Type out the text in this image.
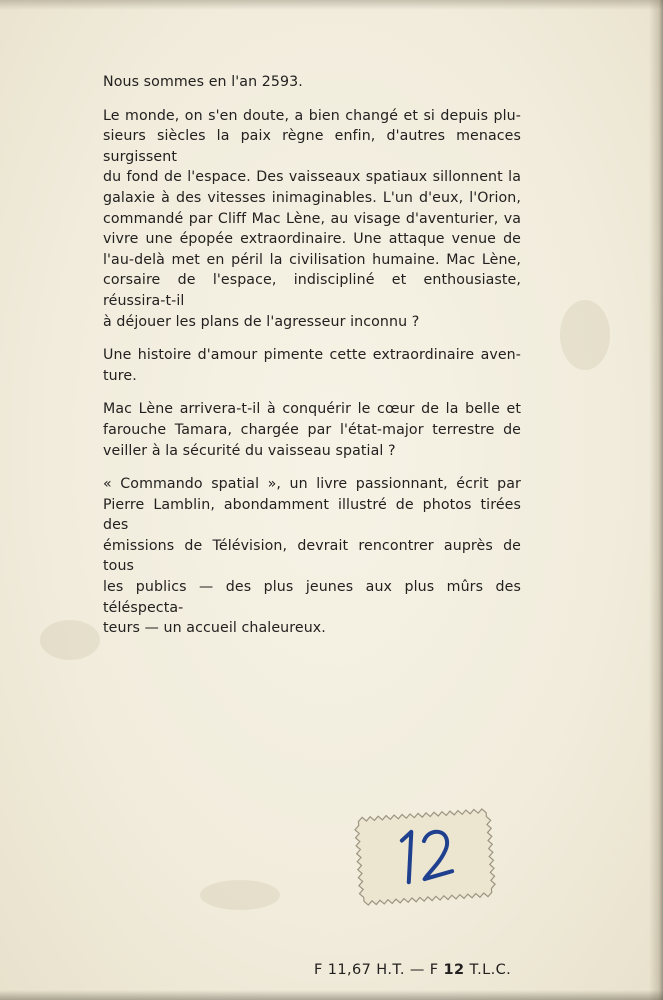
Nous sommes en l'an 2593.

Le monde, on s'en doute, a bien changé et si depuis plu-
sieurs siècles la paix règne enfin, d'autres menaces surgissent
du fond de l'espace. Des vaisseaux spatiaux sillonnent la
galaxie à des vitesses inimaginables. L'un d'eux, l'Orion,
commandé par Cliff Mac Lène, au visage d'aventurier, va
vivre une épopée extraordinaire. Une attaque venue de
l'au-delà met en péril la civilisation humaine. Mac Lène,
corsaire de l'espace, indiscipliné et enthousiaste, réussira-t-il
à déjouer les plans de l'agresseur inconnu ?

Une histoire d'amour pimente cette extraordinaire aven-
ture.

Mac Lène arrivera-t-il à conquérir le cœur de la belle et
farouche Tamara, chargée par l'état-major terrestre de
veiller à la sécurité du vaisseau spatial ?

« Commando spatial », un livre passionnant, écrit par
Pierre Lamblin, abondamment illustré de photos tirées des
émissions de Télévision, devrait rencontrer auprès de tous
les publics — des plus jeunes aux plus mûrs des téléspecta-
teurs — un accueil chaleureux.

12
F 11,67 H.T. — F 12 T.L.C.
